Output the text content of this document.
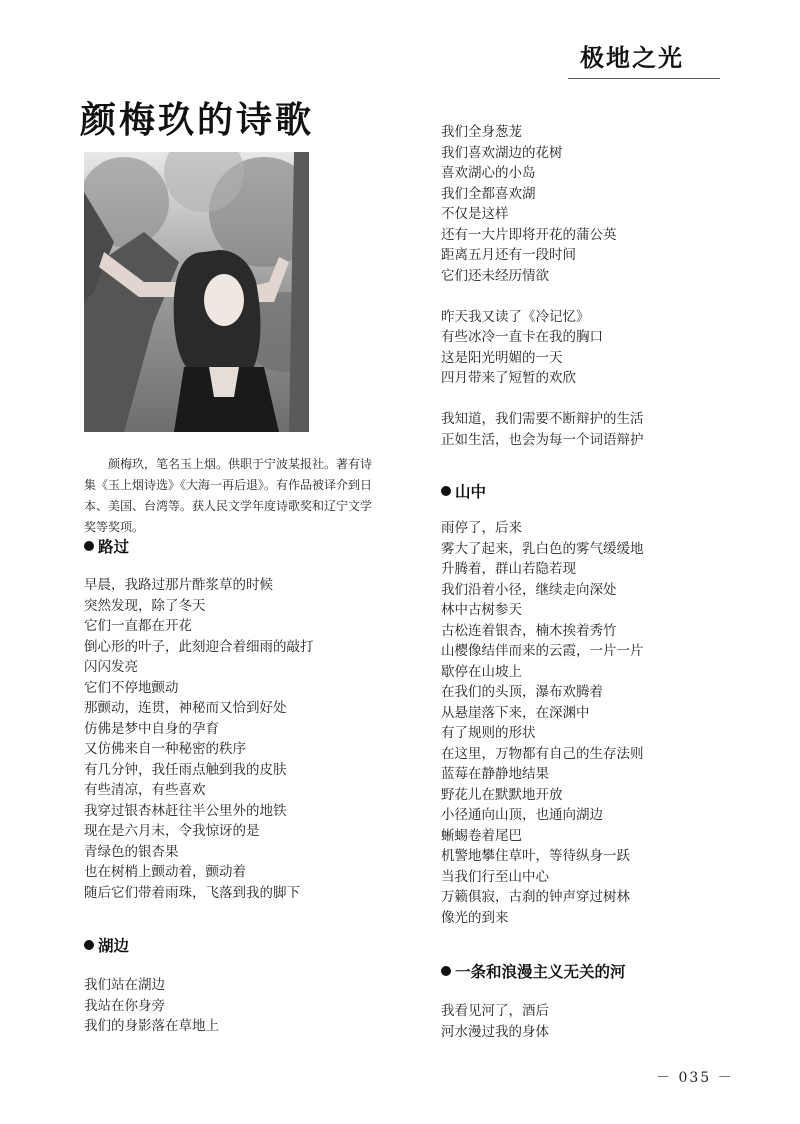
极地之光
颜梅玖的诗歌
颜梅玖，笔名玉上烟。供职于宁波某报社。著有诗集《玉上烟诗选》《大海一再后退》。有作品被译介到日本、美国、台湾等。获人民文学年度诗歌奖和辽宁文学奖等奖项。
路过
早晨，我路过那片酢浆草的时候
突然发现，除了冬天
它们一直都在开花
倒心形的叶子，此刻迎合着细雨的敲打
闪闪发亮
它们不停地颤动
那颤动，连贯，神秘而又恰到好处
仿佛是梦中自身的孕育
又仿佛来自一种秘密的秩序
有几分钟，我任雨点触到我的皮肤
有些清凉，有些喜欢
我穿过银杏林赶往半公里外的地铁
现在是六月末，令我惊讶的是
青绿色的银杏果
也在树梢上颤动着，颤动着
随后它们带着雨珠，飞落到我的脚下
湖边
我们站在湖边
我站在你身旁
我们的身影落在草地上
我们全身葱茏
我们喜欢湖边的花树
喜欢湖心的小岛
我们全都喜欢湖
不仅是这样
还有一大片即将开花的蒲公英
距离五月还有一段时间
它们还未经历情欲
昨天我又读了《冷记忆》
有些冰冷一直卡在我的胸口
这是阳光明媚的一天
四月带来了短暂的欢欣
我知道，我们需要不断辩护的生活
正如生活，也会为每一个词语辩护
山中
雨停了，后来
雾大了起来，乳白色的雾气缓缓地
升腾着，群山若隐若现
我们沿着小径，继续走向深处
林中古树参天
古松连着银杏，楠木挨着秀竹
山樱像结伴而来的云霞，一片一片
歇停在山坡上
在我们的头顶，瀑布欢腾着
从悬崖落下来，在深渊中
有了规则的形状
在这里，万物都有自己的生存法则
蓝莓在静静地结果
野花儿在默默地开放
小径通向山顶，也通向湖边
蜥蜴卷着尾巴
机警地攀住草叶，等待纵身一跃
当我们行至山中心
万籁俱寂，古刹的钟声穿过树林
像光的到来
一条和浪漫主义无关的河
我看见河了，酒后
河水漫过我的身体
－ 035 －
